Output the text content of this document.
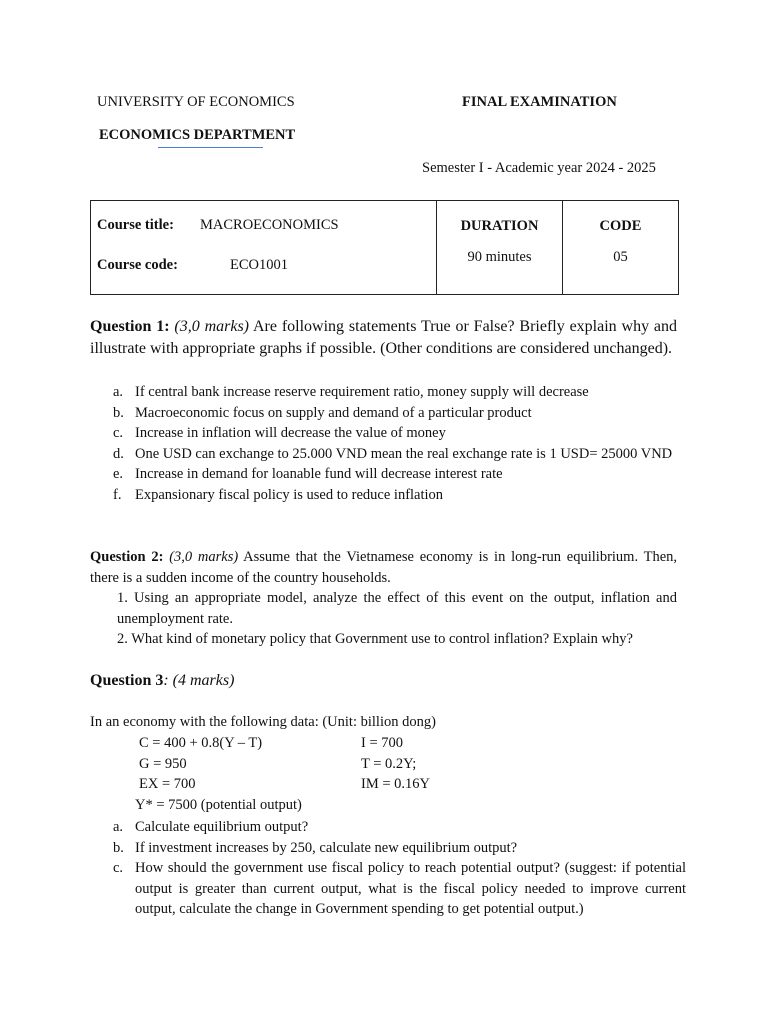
UNIVERSITY OF ECONOMICS	FINAL EXAMINATION
ECONOMICS DEPARTMENT
Semester I - Academic year 2024 - 2025
Course title: MACROECONOMICS
Course code:	ECO1001

DURATION
90 minutes

CODE
05
Question 1: (3,0 marks) Are following statements True or False? Briefly explain why and illustrate with appropriate graphs if possible. (Other conditions are considered unchanged).
a. If central bank increase reserve requirement ratio, money supply will decrease
b. Macroeconomic focus on supply and demand of a particular product
c. Increase in inflation will decrease the value of money
d. One USD can exchange to 25.000 VND mean the real exchange rate is 1 USD= 25000 VND
e. Increase in demand for loanable fund will decrease interest rate
f. Expansionary fiscal policy is used to reduce inflation
Question 2: (3,0 marks) Assume that the Vietnamese economy is in long-run equilibrium. Then, there is a sudden income of the country households.
1. Using an appropriate model, analyze the effect of this event on the output, inflation and unemployment rate.
2. What kind of monetary policy that Government use to control inflation? Explain why?
Question 3: (4 marks)
In an economy with the following data: (Unit: billion dong)
C = 400 + 0.8(Y – T)	I = 700
G = 950	T = 0.2Y;
EX = 700	IM = 0.16Y
Y* = 7500 (potential output)
a. Calculate equilibrium output?
b. If investment increases by 250, calculate new equilibrium output?
c. How should the government use fiscal policy to reach potential output? (suggest: if potential output is greater than current output, what is the fiscal policy needed to improve current output, calculate the change in Government spending to get potential output.)
